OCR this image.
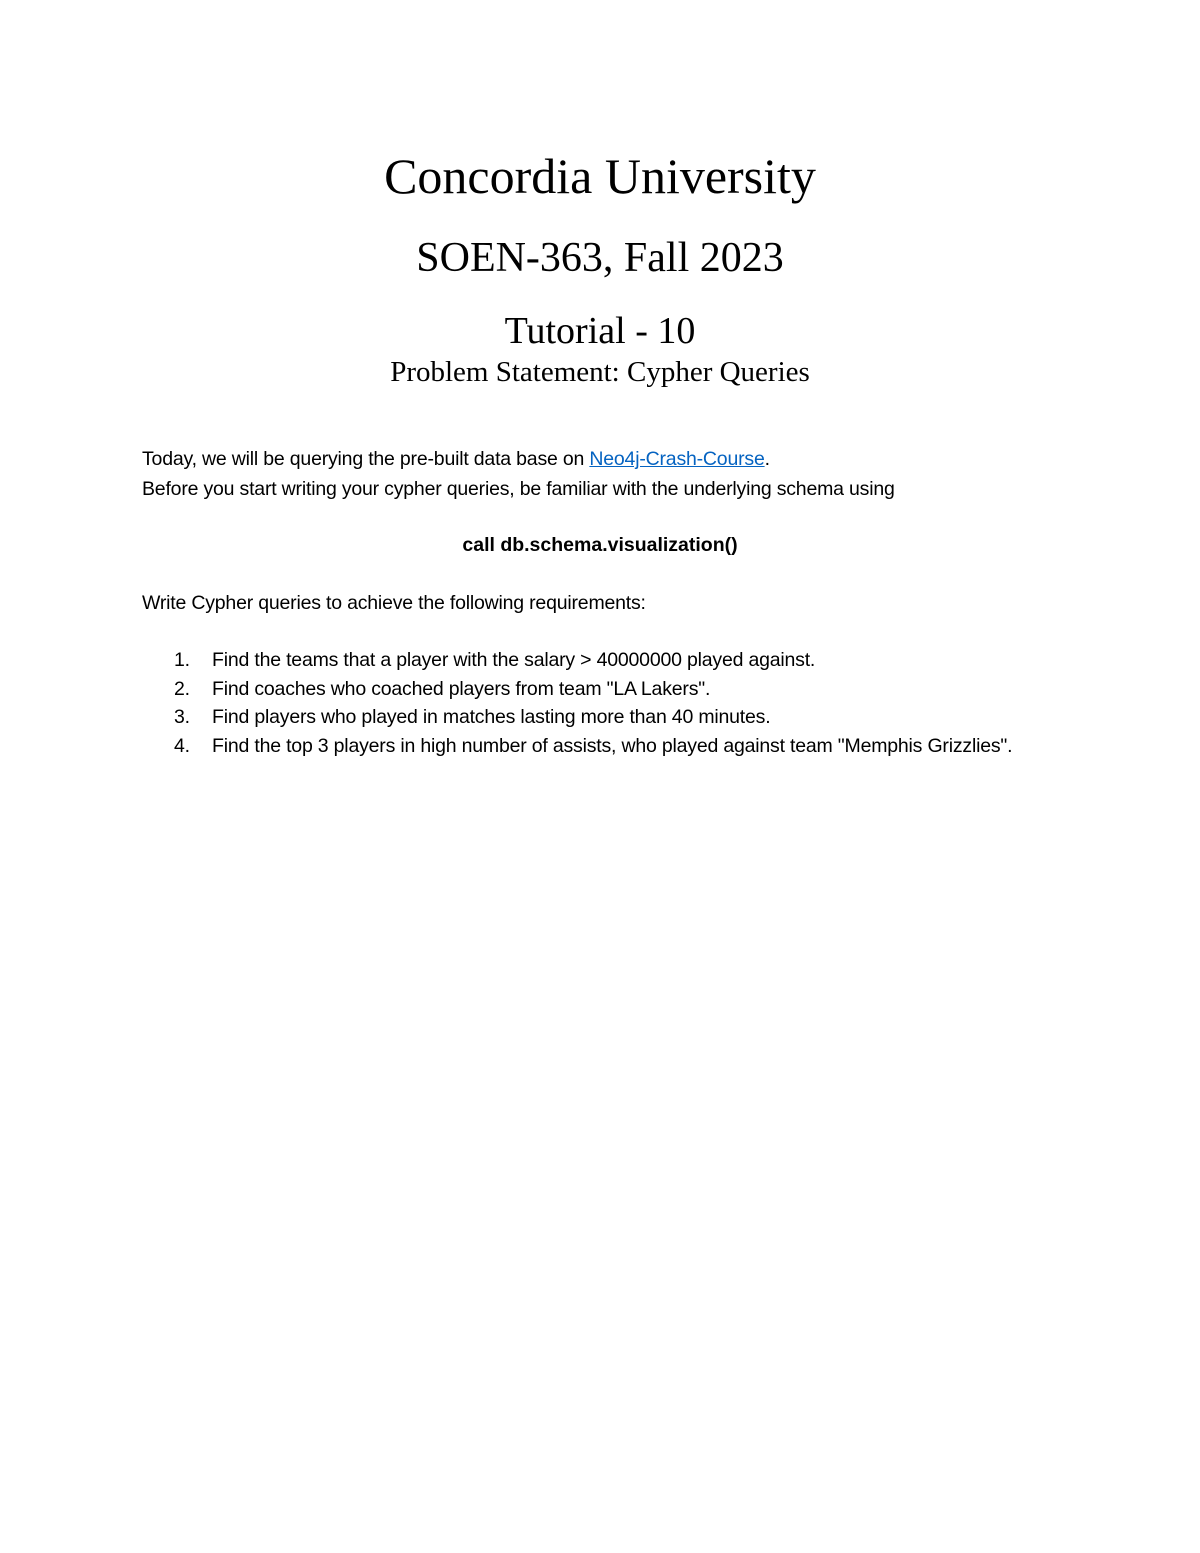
Concordia University
SOEN-363, Fall 2023
Tutorial - 10

Problem Statement: Cypher Queries

Today, we will be querying the pre-built data base on Neo4j-Crash-Course.

Before you start writing your cypher queries, be familiar with the underlying schema using

call db.schema.visualization()

Write Cypher queries to achieve the following requirements:

1. Find the teams that a player with the salary > 40000000 played against.
2. Find coaches who coached players from team "LA Lakers".
3. Find players who played in matches lasting more than 40 minutes.
4. Find the top 3 players in high number of assists, who played against team "Memphis Grizzlies".
